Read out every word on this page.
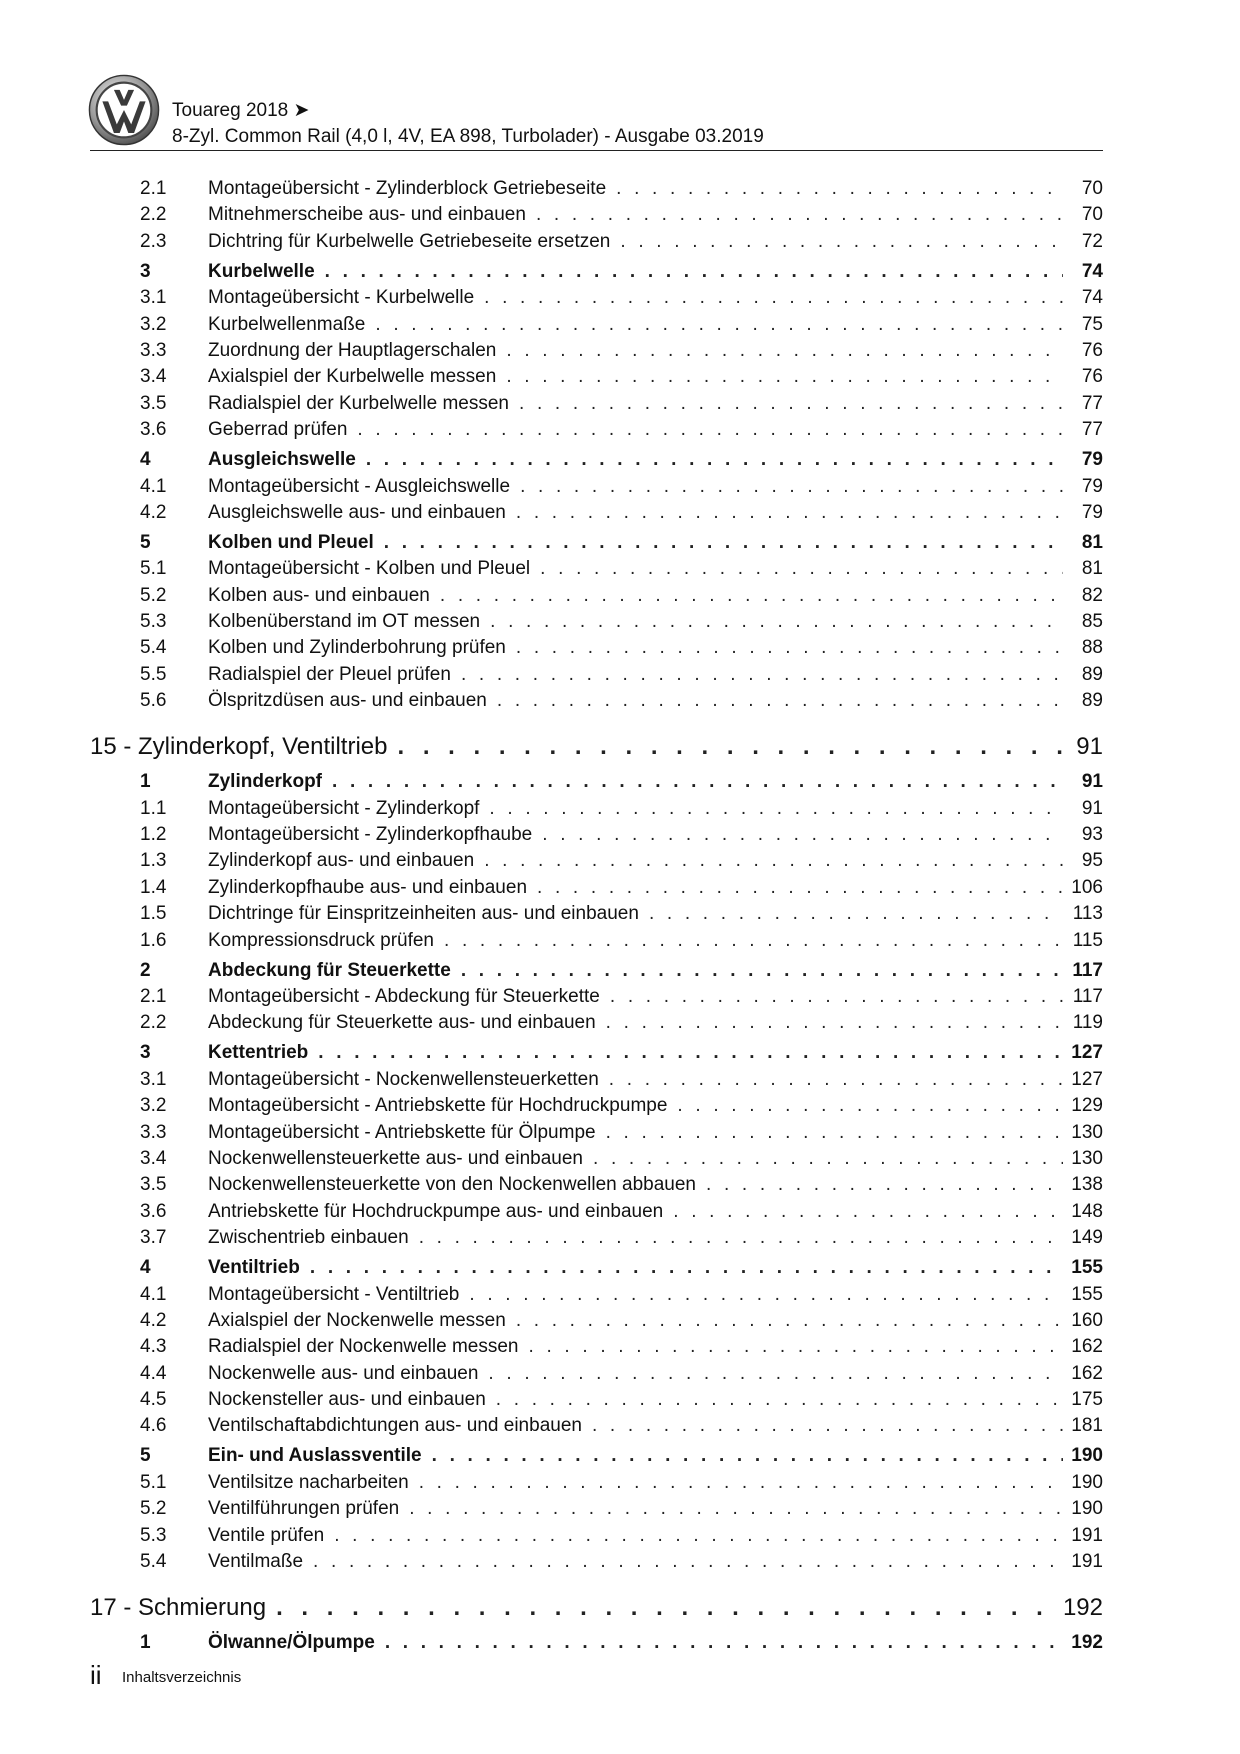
Touareg 2018 ➤
8-Zyl. Common Rail (4,0 l, 4V, EA 898, Turbolader) - Ausgabe 03.2019
2.1	Montageübersicht - Zylinderblock Getriebeseite . . .	70
2.2	Mitnehmerscheibe aus- und einbauen . . .	70
2.3	Dichtring für Kurbelwelle Getriebeseite ersetzen . . .	72
3	Kurbelwelle . . .	74
3.1	Montageübersicht - Kurbelwelle . . .	74
3.2	Kurbelwellenmaße . . .	75
3.3	Zuordnung der Hauptlagerschalen . . .	76
3.4	Axialspiel der Kurbelwelle messen . . .	76
3.5	Radialspiel der Kurbelwelle messen . . .	77
3.6	Geberrad prüfen . . .	77
4	Ausgleichswelle . . .	79
4.1	Montageübersicht - Ausgleichswelle . . .	79
4.2	Ausgleichswelle aus- und einbauen . . .	79
5	Kolben und Pleuel . . .	81
5.1	Montageübersicht - Kolben und Pleuel . . .	81
5.2	Kolben aus- und einbauen . . .	82
5.3	Kolbenüberstand im OT messen . . .	85
5.4	Kolben und Zylinderbohrung prüfen . . .	88
5.5	Radialspiel der Pleuel prüfen . . .	89
5.6	Ölspritzdüsen aus- und einbauen . . .	89
15 - Zylinderkopf, Ventiltrieb . . .	91
1	Zylinderkopf . . .	91
1.1	Montageübersicht - Zylinderkopf . . .	91
1.2	Montageübersicht - Zylinderkopfhaube . . .	93
1.3	Zylinderkopf aus- und einbauen . . .	95
1.4	Zylinderkopfhaube aus- und einbauen . . .	106
1.5	Dichtringe für Einspritzeinheiten aus- und einbauen . . .	113
1.6	Kompressionsdruck prüfen . . .	115
2	Abdeckung für Steuerkette . . .	117
2.1	Montageübersicht - Abdeckung für Steuerkette . . .	117
2.2	Abdeckung für Steuerkette aus- und einbauen . . .	119
3	Kettentrieb . . .	127
3.1	Montageübersicht - Nockenwellensteuerketten . . .	127
3.2	Montageübersicht - Antriebskette für Hochdruckpumpe . . .	129
3.3	Montageübersicht - Antriebskette für Ölpumpe . . .	130
3.4	Nockenwellensteuerkette aus- und einbauen . . .	130
3.5	Nockenwellensteuerkette von den Nockenwellen abbauen . . .	138
3.6	Antriebskette für Hochdruckpumpe aus- und einbauen . . .	148
3.7	Zwischentrieb einbauen . . .	149
4	Ventiltrieb . . .	155
4.1	Montageübersicht - Ventiltrieb . . .	155
4.2	Axialspiel der Nockenwelle messen . . .	160
4.3	Radialspiel der Nockenwelle messen . . .	162
4.4	Nockenwelle aus- und einbauen . . .	162
4.5	Nockensteller aus- und einbauen . . .	175
4.6	Ventilschaftabdichtungen aus- und einbauen . . .	181
5	Ein- und Auslassventile . . .	190
5.1	Ventilsitze nacharbeiten . . .	190
5.2	Ventilführungen prüfen . . .	190
5.3	Ventile prüfen . . .	191
5.4	Ventilmaße . . .	191
17 - Schmierung . . .	192
1	Ölwanne/Ölpumpe . . .	192
ii Inhaltsverzeichnis
